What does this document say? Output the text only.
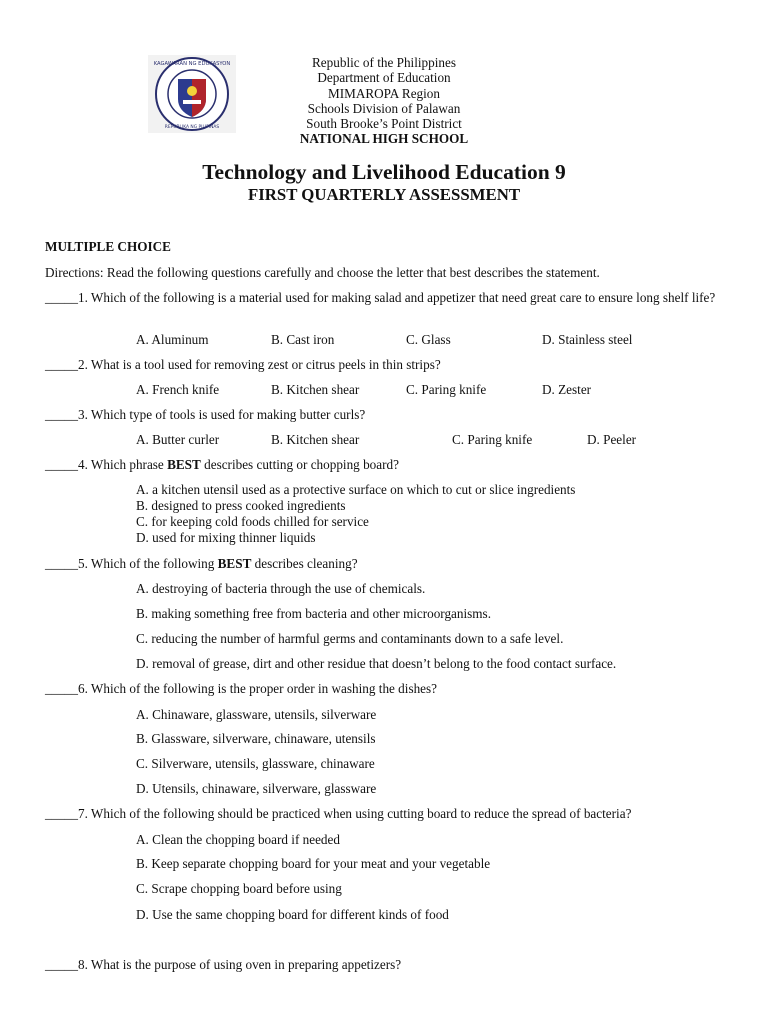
KAGAWARAN NG EDUKASYON
REPUBLIKA NG PILIPINAS
Republic of the Philippines
Department of Education
MIMAROPA Region
Schools Division of Palawan
South Brooke’s Point District
NATIONAL HIGH SCHOOL
Technology and Livelihood Education 9
FIRST QUARTERLY ASSESSMENT
MULTIPLE CHOICE
Directions: Read the following questions carefully and choose the letter that best describes the statement.
_____1. Which of the following is a material used for making salad and appetizer that need great care to ensure long shelf life?
A. Aluminum	B. Cast iron	C. Glass	D. Stainless steel
_____2. What is a tool used for removing zest or citrus peels in thin strips?
A. French knife	B. Kitchen shear	C. Paring knife	D. Zester
_____3. Which type of tools is used for making butter curls?
A. Butter curler	B. Kitchen shear	C. Paring knife	D. Peeler
_____4. Which phrase BEST describes cutting or chopping board?
A. a kitchen utensil used as a protective surface on which to cut or slice ingredients
B. designed to press cooked ingredients
C. for keeping cold foods chilled for service
D. used for mixing thinner liquids
_____5. Which of the following BEST describes cleaning?
A. destroying of bacteria through the use of chemicals.
B. making something free from bacteria and other microorganisms.
C. reducing the number of harmful germs and contaminants down to a safe level.
D. removal of grease, dirt and other residue that doesn’t belong to the food contact surface.
_____6. Which of the following is the proper order in washing the dishes?
A. Chinaware, glassware, utensils, silverware
B. Glassware, silverware, chinaware, utensils
C. Silverware, utensils, glassware, chinaware
D. Utensils, chinaware, silverware, glassware
_____7. Which of the following should be practiced when using cutting board to reduce the spread of bacteria?
A. Clean the chopping board if needed
B. Keep separate chopping board for your meat and your vegetable
C. Scrape chopping board before using
D. Use the same chopping board for different kinds of food
_____8. What is the purpose of using oven in preparing appetizers?
